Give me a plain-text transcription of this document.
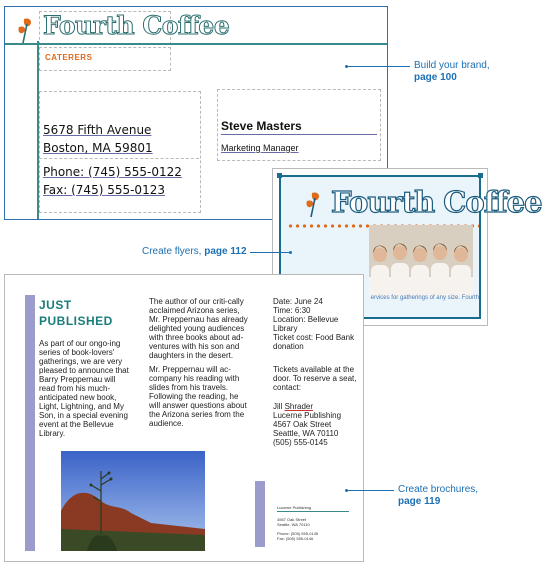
Fourth Coffee
CATERERS
5678 Fifth Avenue
Boston, MA 59801
Phone: (745) 555-0122
Fax: (745) 555-0123
Steve Masters
Marketing Manager
Build your brand,
page 100
Fourth Coffee
ervices for gatherings of any size. Fourth
Create flyers, page 112
JUST
PUBLISHED

As part of our ongo-ing series of book-lovers' gatherings, we are very pleased to announce that Barry Preppernau will read from his much-anticipated new book, Light, Lightning, and My Son, in a special evening event at the Bellevue Library.

The author of our criti-cally acclaimed Arizona series, Mr. Preppernau has already delighted young audiences with three books about ad-ventures with his son and daughters in the desert.

Mr. Preppernau will ac-company his reading with slides from his travels. Following the reading, he will answer questions about the Arizona series from the audience.

Date: June 24
Time: 6:30
Location: Bellevue Library
Ticket cost: Food Bank donation
Tickets available at the door. To reserve a seat, contact:
Jill Shrader
Lucerne Publishing
4567 Oak Street
Seattle, WA 70110
(505) 555-0145
Lucerne Publishing
4567 Oak Street
Seattle, WA 70110
Phone: (505) 555-0145
Fax: (505) 555-0146
Create brochures,
page 119
